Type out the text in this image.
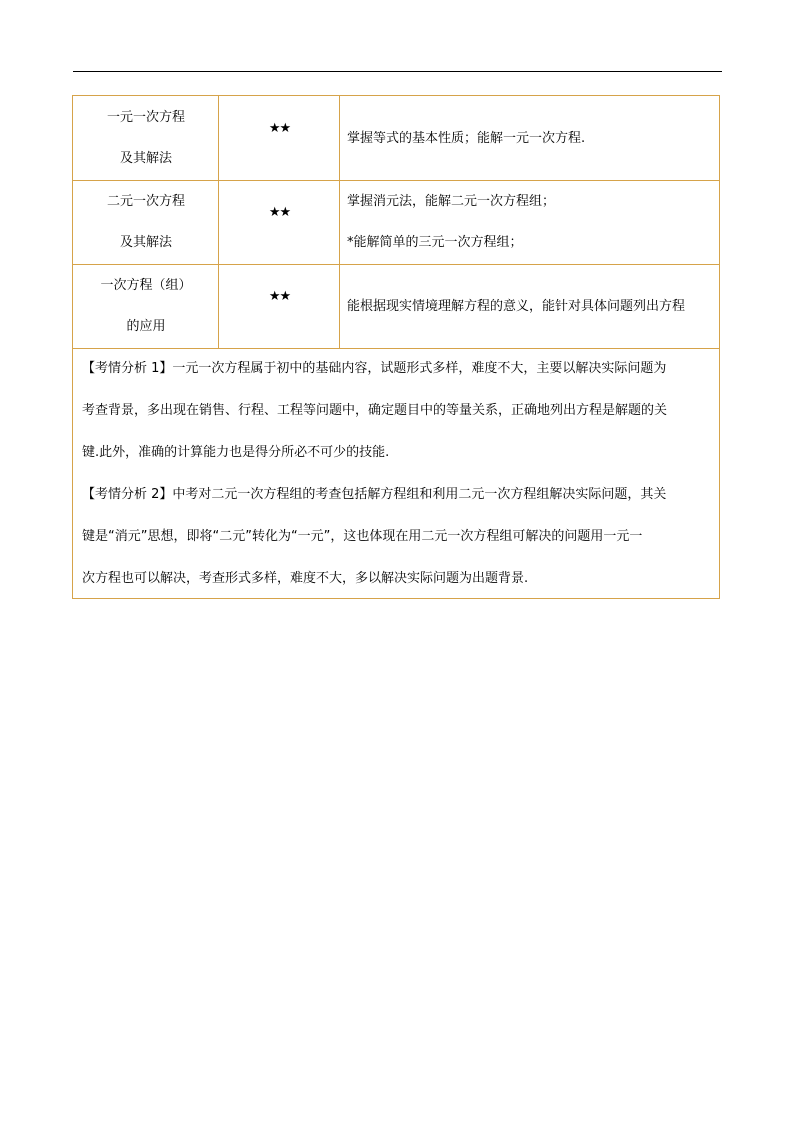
一元一次方程
及其解法
★★
掌握等式的基本性质；能解一元一次方程.
二元一次方程
及其解法
★★
掌握消元法，能解二元一次方程组；
*能解简单的三元一次方程组；
一次方程（组）
的应用
★★
能根据现实情境理解方程的意义，能针对具体问题列出方程
【考情分析 1】一元一次方程属于初中的基础内容，试题形式多样，难度不大，主要以解决实际问题为
考查背景，多出现在销售、行程、工程等问题中，确定题目中的等量关系，正确地列出方程是解题的关
键.此外，准确的计算能力也是得分所必不可少的技能.
【考情分析 2】中考对二元一次方程组的考查包括解方程组和利用二元一次方程组解决实际问题，其关
键是“消元”思想，即将“二元”转化为“一元”，这也体现在用二元一次方程组可解决的问题用一元一
次方程也可以解决，考查形式多样，难度不大，多以解决实际问题为出题背景.
